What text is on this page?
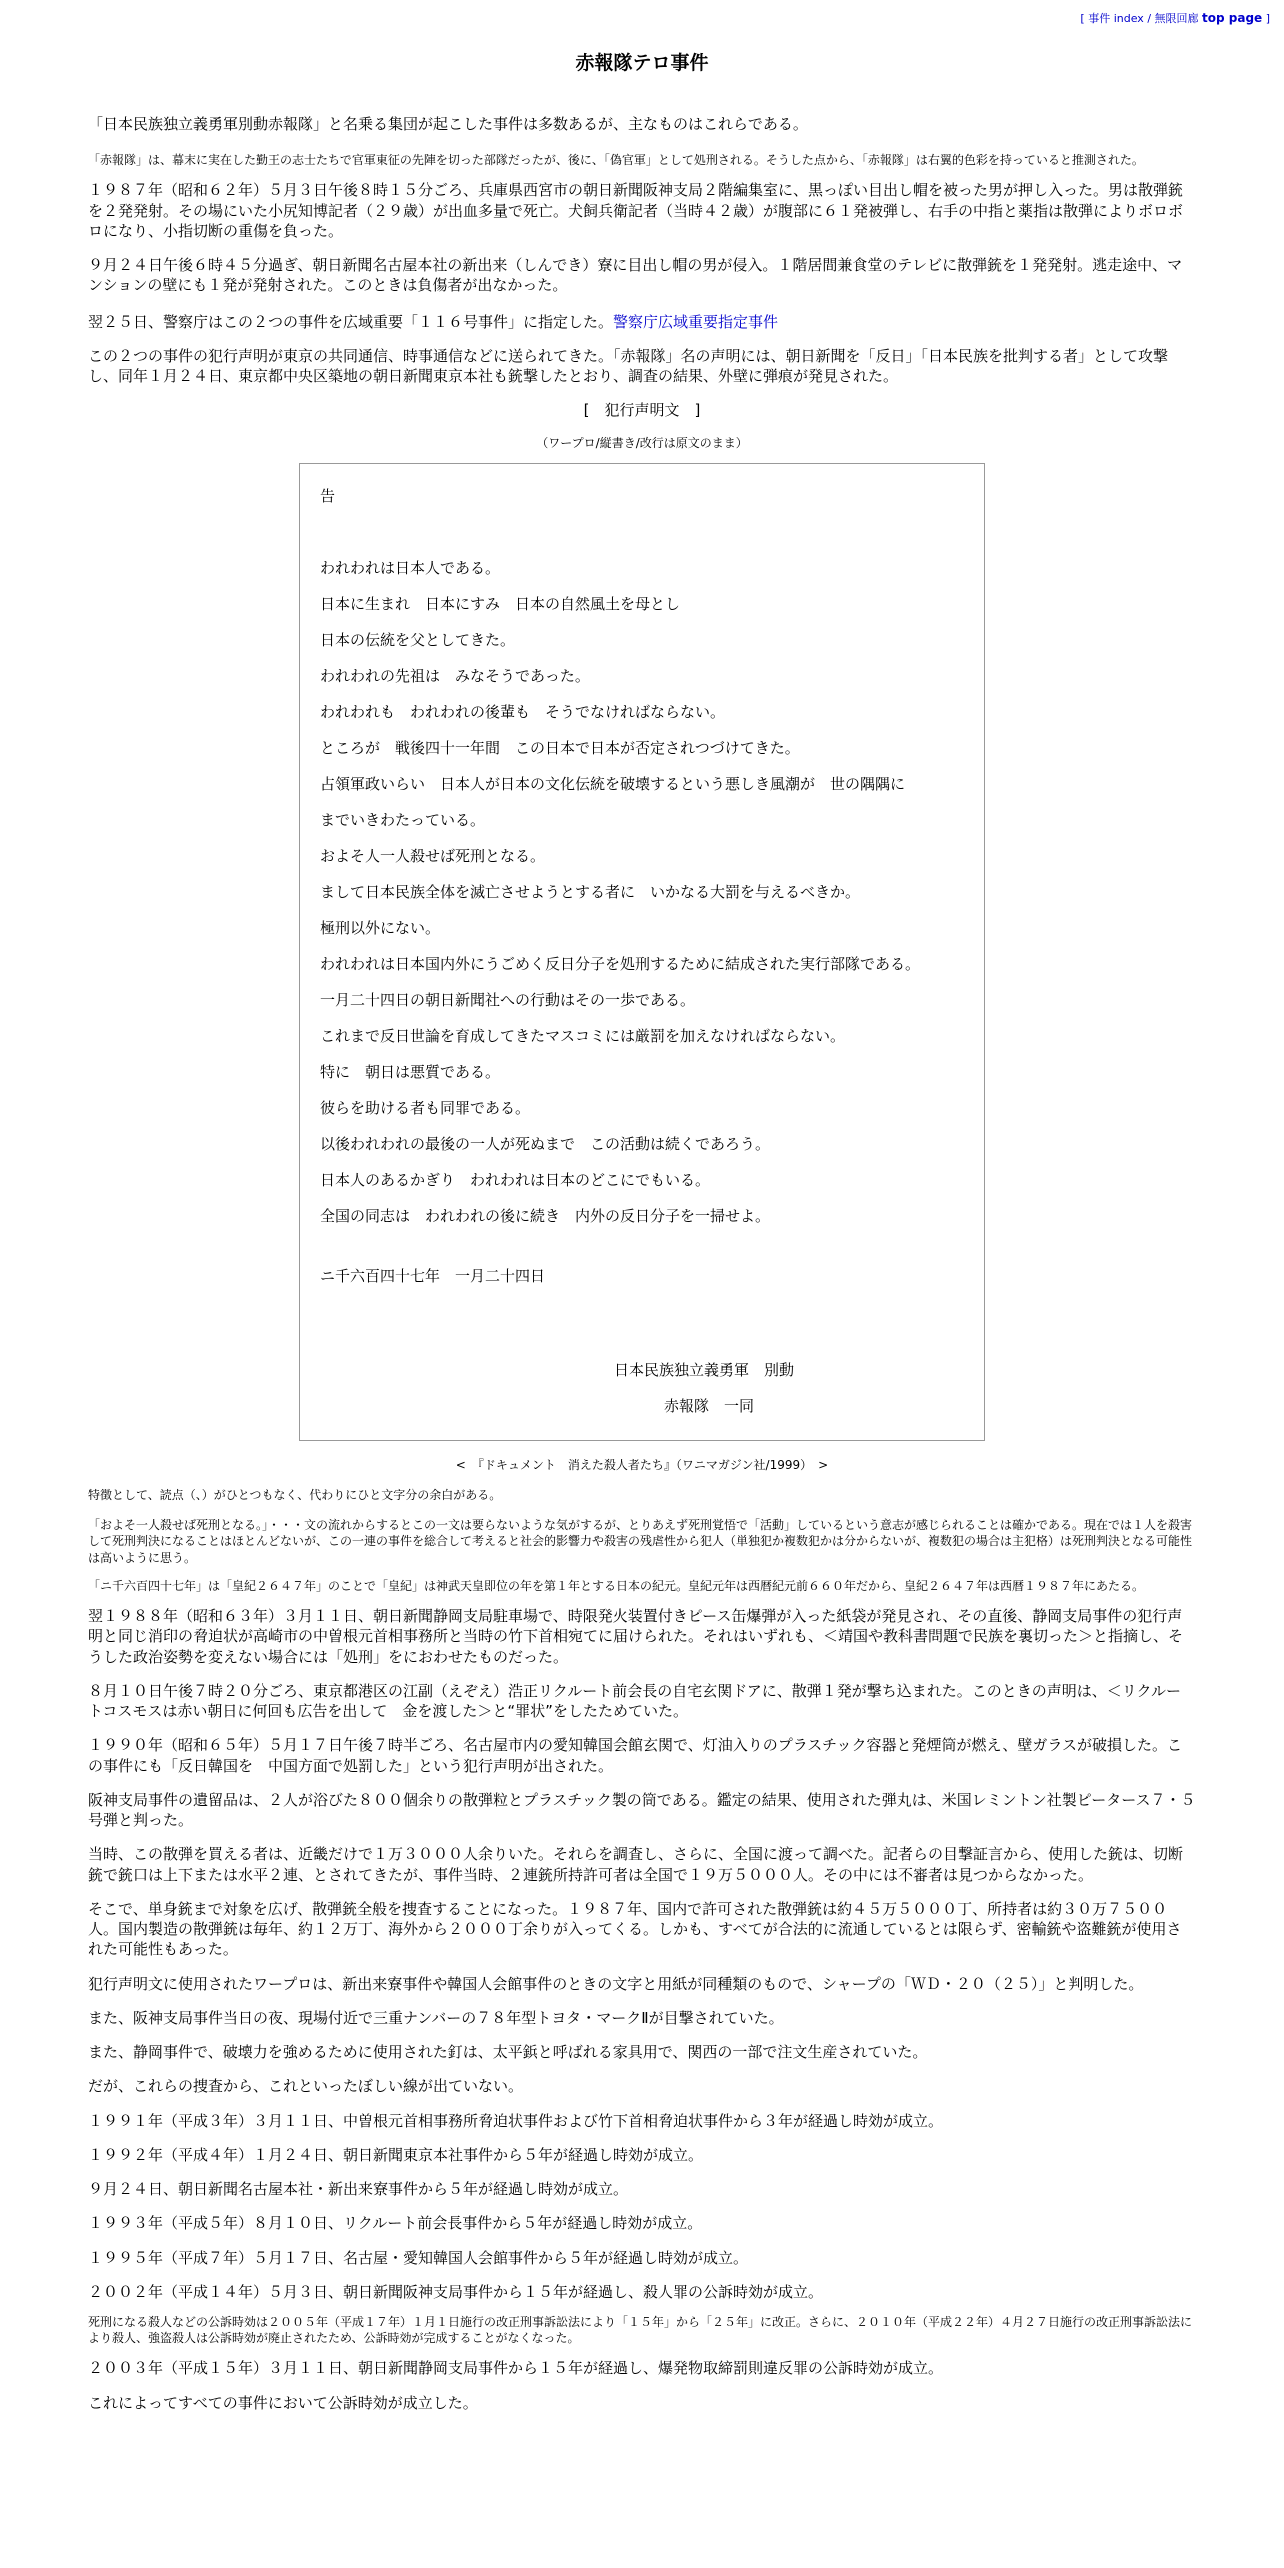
[ 事件 index / 無限回廊 top page ]
赤報隊テロ事件

「日本民族独立義勇軍別動赤報隊」と名乗る集団が起こした事件は多数あるが、主なものはこれらである。

「赤報隊」は、幕末に実在した勤王の志士たちで官軍東征の先陣を切った部隊だったが、後に、「偽官軍」として処刑される。そうした点から、「赤報隊」は右翼的色彩を持っていると推測された。

１９８７年（昭和６２年）５月３日午後８時１５分ごろ、兵庫県西宮市の朝日新聞阪神支局２階編集室に、黒っぽい目出し帽を被った男が押し入った。男は散弾銃を２発発射。その場にいた小尻知博記者（２９歳）が出血多量で死亡。犬飼兵衛記者（当時４２歳）が腹部に６１発被弾し、右手の中指と薬指は散弾によりボロボロになり、小指切断の重傷を負った。

９月２４日午後６時４５分過ぎ、朝日新聞名古屋本社の新出来（しんでき）寮に目出し帽の男が侵入。１階居間兼食堂のテレビに散弾銃を１発発射。逃走途中、マンションの壁にも１発が発射された。このときは負傷者が出なかった。

翌２５日、警察庁はこの２つの事件を広域重要「１１６号事件」に指定した。警察庁広域重要指定事件

この２つの事件の犯行声明が東京の共同通信、時事通信などに送られてきた。「赤報隊」名の声明には、朝日新聞を「反日」「日本民族を批判する者」として攻撃し、同年１月２４日、東京都中央区築地の朝日新聞東京本社も銃撃したとおり、調査の結果、外壁に弾痕が発見された。

[　犯行声明文　]

（ワープロ/縦書き/改行は原文のまま）

告
われわれは日本人である。
日本に生まれ　日本にすみ　日本の自然風土を母とし
日本の伝統を父としてきた。
われわれの先祖は　みなそうであった。
われわれも　われわれの後輩も　そうでなければならない。
ところが　戦後四十一年間　この日本で日本が否定されつづけてきた。
占領軍政いらい　日本人が日本の文化伝統を破壊するという悪しき風潮が　世の隅隅に
までいきわたっている。
およそ人一人殺せば死刑となる。
まして日本民族全体を滅亡させようとする者に　いかなる大罰を与えるべきか。
極刑以外にない。
われわれは日本国内外にうごめく反日分子を処刑するために結成された実行部隊である。
一月二十四日の朝日新聞社への行動はその一歩である。
これまで反日世論を育成してきたマスコミには厳罰を加えなければならない。
特に　朝日は悪質である。
彼らを助ける者も同罪である。
以後われわれの最後の一人が死ぬまで　この活動は続くであろう。
日本人のあるかぎり　われわれは日本のどこにでもいる。
全国の同志は　われわれの後に続き　内外の反日分子を一掃せよ。
ニ千六百四十七年　一月二十四日
日本民族独立義勇軍　別動
赤報隊　一同

<　『ドキュメント　消えた殺人者たち』（ワニマガジン社/1999）　>

特徴として、読点（、）がひとつもなく、代わりにひと文字分の余白がある。

「およそ一人殺せば死刑となる。」・・・文の流れからするとこの一文は要らないような気がするが、とりあえず死刑覚悟で「活動」しているという意志が感じられることは確かである。現在では１人を殺害して死刑判決になることはほとんどないが、この一連の事件を総合して考えると社会的影響力や殺害の残虐性から犯人（単独犯か複数犯かは分からないが、複数犯の場合は主犯格）は死刑判決となる可能性は高いように思う。

「ニ千六百四十七年」は「皇紀２６４７年」のことで「皇紀」は神武天皇即位の年を第１年とする日本の紀元。皇紀元年は西暦紀元前６６０年だから、皇紀２６４７年は西暦１９８７年にあたる。

翌１９８８年（昭和６３年）３月１１日、朝日新聞静岡支局駐車場で、時限発火装置付きピース缶爆弾が入った紙袋が発見され、その直後、静岡支局事件の犯行声明と同じ消印の脅迫状が高崎市の中曽根元首相事務所と当時の竹下首相宛てに届けられた。それはいずれも、＜靖国や教科書問題で民族を裏切った＞と指摘し、そうした政治姿勢を変えない場合には「処刑」をにおわせたものだった。

８月１０日午後７時２０分ごろ、東京都港区の江副（えぞえ）浩正リクルート前会長の自宅玄関ドアに、散弾１発が撃ち込まれた。このときの声明は、＜リクルートコスモスは赤い朝日に何回も広告を出して　金を渡した＞と“罪状”をしたためていた。

１９９０年（昭和６５年）５月１７日午後７時半ごろ、名古屋市内の愛知韓国会館玄関で、灯油入りのプラスチック容器と発煙筒が燃え、壁ガラスが破損した。この事件にも「反日韓国を　中国方面で処罰した」という犯行声明が出された。

阪神支局事件の遺留品は、２人が浴びた８００個余りの散弾粒とプラスチック製の筒である。鑑定の結果、使用された弾丸は、米国レミントン社製ピータース７・５号弾と判った。

当時、この散弾を買える者は、近畿だけで１万３０００人余りいた。それらを調査し、さらに、全国に渡って調べた。記者らの目撃証言から、使用した銃は、切断銃で銃口は上下または水平２連、とされてきたが、事件当時、２連銃所持許可者は全国で１９万５０００人。その中には不審者は見つからなかった。

そこで、単身銃まで対象を広げ、散弾銃全般を捜査することになった。１９８７年、国内で許可された散弾銃は約４５万５０００丁、所持者は約３０万７５００人。国内製造の散弾銃は毎年、約１２万丁、海外から２０００丁余りが入ってくる。しかも、すべてが合法的に流通しているとは限らず、密輸銃や盗難銃が使用された可能性もあった。

犯行声明文に使用されたワープロは、新出来寮事件や韓国人会館事件のときの文字と用紙が同種類のもので、シャープの「ＷＤ・２０（２５）」と判明した。

また、阪神支局事件当日の夜、現場付近で三重ナンバーの７８年型トヨタ・マークⅡが目撃されていた。

また、静岡事件で、破壊力を強めるために使用された釘は、太平鋲と呼ばれる家具用で、関西の一部で注文生産されていた。

だが、これらの捜査から、これといったぼしい線が出ていない。

１９９１年（平成３年）３月１１日、中曽根元首相事務所脅迫状事件および竹下首相脅迫状事件から３年が経過し時効が成立。

１９９２年（平成４年）１月２４日、朝日新聞東京本社事件から５年が経過し時効が成立。

９月２４日、朝日新聞名古屋本社・新出来寮事件から５年が経過し時効が成立。

１９９３年（平成５年）８月１０日、リクルート前会長事件から５年が経過し時効が成立。

１９９５年（平成７年）５月１７日、名古屋・愛知韓国人会館事件から５年が経過し時効が成立。

２００２年（平成１４年）５月３日、朝日新聞阪神支局事件から１５年が経過し、殺人罪の公訴時効が成立。

死刑になる殺人などの公訴時効は２００５年（平成１７年）１月１日施行の改正刑事訴訟法により「１５年」から「２５年」に改正。さらに、２０１０年（平成２２年）４月２７日施行の改正刑事訴訟法により殺人、強盗殺人は公訴時効が廃止されたため、公訴時効が完成することがなくなった。

２００３年（平成１５年）３月１１日、朝日新聞静岡支局事件から１５年が経過し、爆発物取締罰則違反罪の公訴時効が成立。

これによってすべての事件において公訴時効が成立した。
